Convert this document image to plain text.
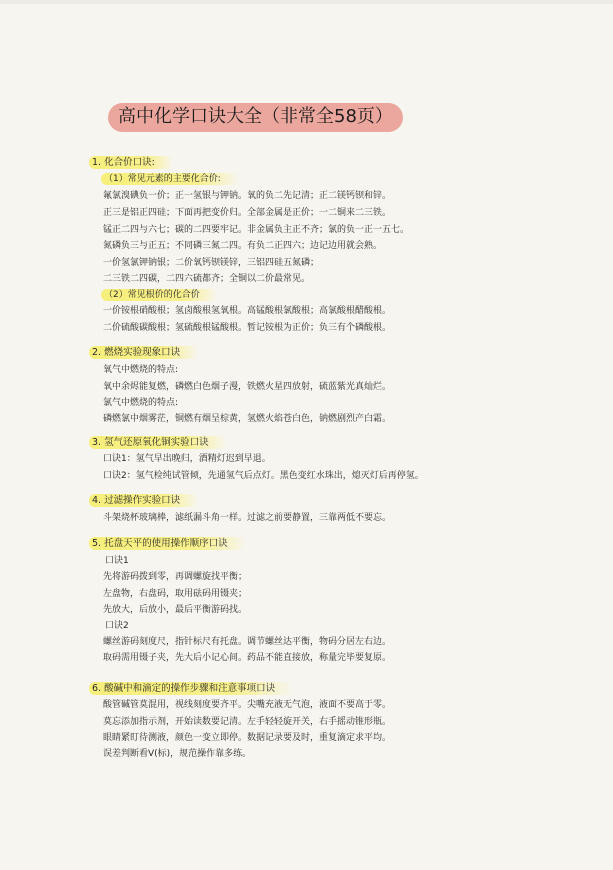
高中化学口诀大全（非常全58页）
1. 化合价口诀:
（1）常见元素的主要化合价:
氟氯溴碘负一价；正一氢银与钾钠。氧的负二先记清；正二镁钙钡和锌。
正三是铝正四硅；下面再把变价归。全部金属是正价；一二铜来二三铁。
锰正二四与六七；碳的二四要牢记。非金属负主正不齐；氯的负一正一五七。
氮磷负三与正五；不同磷三氮二四。有负二正四六；边记边用就会熟。
一价氢氯钾钠银；二价氧钙钡镁锌，三铝四硅五氮磷；
二三铁二四碳，二四六硫都齐；全铜以二价最常见。
（2）常见根价的化合价
一价铵根硝酸根；氢卤酸根氢氧根。高锰酸根氯酸根；高氯酸根醋酸根。
二价硫酸碳酸根；氢硫酸根锰酸根。暂记铵根为正价；负三有个磷酸根。
2. 燃烧实验现象口诀
氧气中燃烧的特点:
氧中余烬能复燃，磷燃白色烟子漫，铁燃火星四放射，硫蓝紫光真灿烂。
氯气中燃烧的特点:
磷燃氯中烟雾茫，铜燃有烟呈棕黄，氢燃火焰苍白色，钠燃剧烈产白霜。
3. 氢气还原氧化铜实验口诀
口诀1：氢气早出晚归，酒精灯迟到早退。
口诀2：氢气检纯试管倾，先通氢气后点灯。黑色变红水珠出，熄灭灯后再停氢。
4. 过滤操作实验口诀
斗架烧杯玻璃棒，滤纸漏斗角一样。过滤之前要静置，三靠两低不要忘。
5. 托盘天平的使用操作顺序口诀
口诀1
先将游码拨到零，再调螺旋找平衡；
左盘物，右盘码，取用砝码用镊夹；
先放大，后放小，最后平衡游码找。
口诀2
螺丝游码刻度尺，指针标尺有托盘。调节螺丝达平衡，物码分居左右边。
取码需用镊子夹，先大后小记心间。药品不能直接放，称量完毕要复原。
6. 酸碱中和滴定的操作步骤和注意事项口诀
酸管碱管莫混用，视线刻度要齐平。尖嘴充液无气泡，液面不要高于零。
莫忘添加指示剂，开始读数要记清。左手轻轻旋开关，右手摇动锥形瓶。
眼睛紧盯待测液，颜色一变立即停。数据记录要及时，重复滴定求平均。
误差判断看V(标)，规范操作靠多练。
